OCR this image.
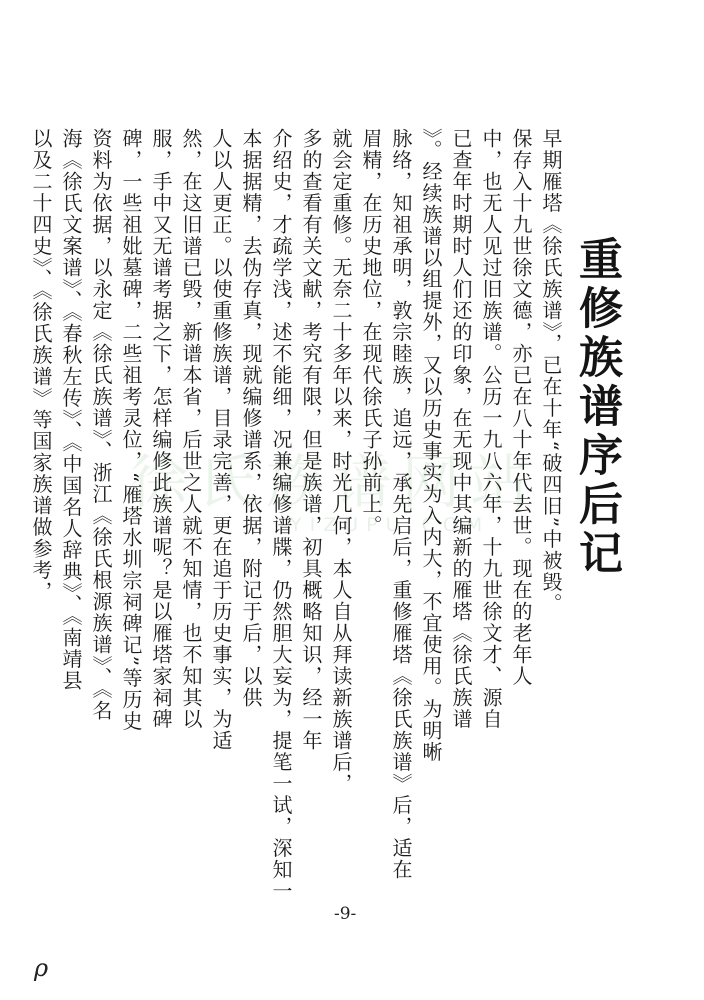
徐氏族谱网站
YIZUPU.COM 重修族谱序后记
早期雁塔《徐氏族谱》，已在十年“破四旧”中被毁。
保存入十九世徐文德，亦已在八十年代去世。现在的老年人
中，也无人见过旧族谱。公历一九八六年，十九世徐文才、源自
已查年时期时人们还的印象，在无现中其编新的雁塔《徐氏族谱
》。经续族谱以组提外，又以历史事实为入内大，不宜使用。为明晰
脉络，知祖承明，敦宗睦族，追远，承先启后，重修雁塔《徐氏族谱》后，适在
眉精，在历史地位，在现代徐氏子孙前上。
就会定重修。无奈二十多年以来，时光几何，本人自从拜读新族谱后，
多的查看有关文献，考究有限，但是族谱，初具概略知识，经一年
介绍史，才疏学浅，述不能细，况兼编修谱牒，仍然胆大妄为，提笔一试，深知一
本据据精，去伪存真，现就编修谱系，依据，附记于后，以供
人以人更正。以使重修族谱，目录完善，更在追于历史事实，为适
然，在这旧谱已毁，新谱本省，后世之人就不知情，也不知其以
服，手中又无谱考据之下，怎样编修此族谱呢？是以雁塔家祠碑
碑，一些祖妣墓碑，二些祖考灵位，“雁塔水圳宗祠碑记”等历史
资料为依据，以永定《徐氏族谱》、浙江《徐氏根源族谱》、《名
海《徐氏文案谱》、《春秋左传》、《中国名人辞典》、《南靖县
以及二十四史》、《徐氏族谱》等国家族谱做参考，
-9-
ρ
